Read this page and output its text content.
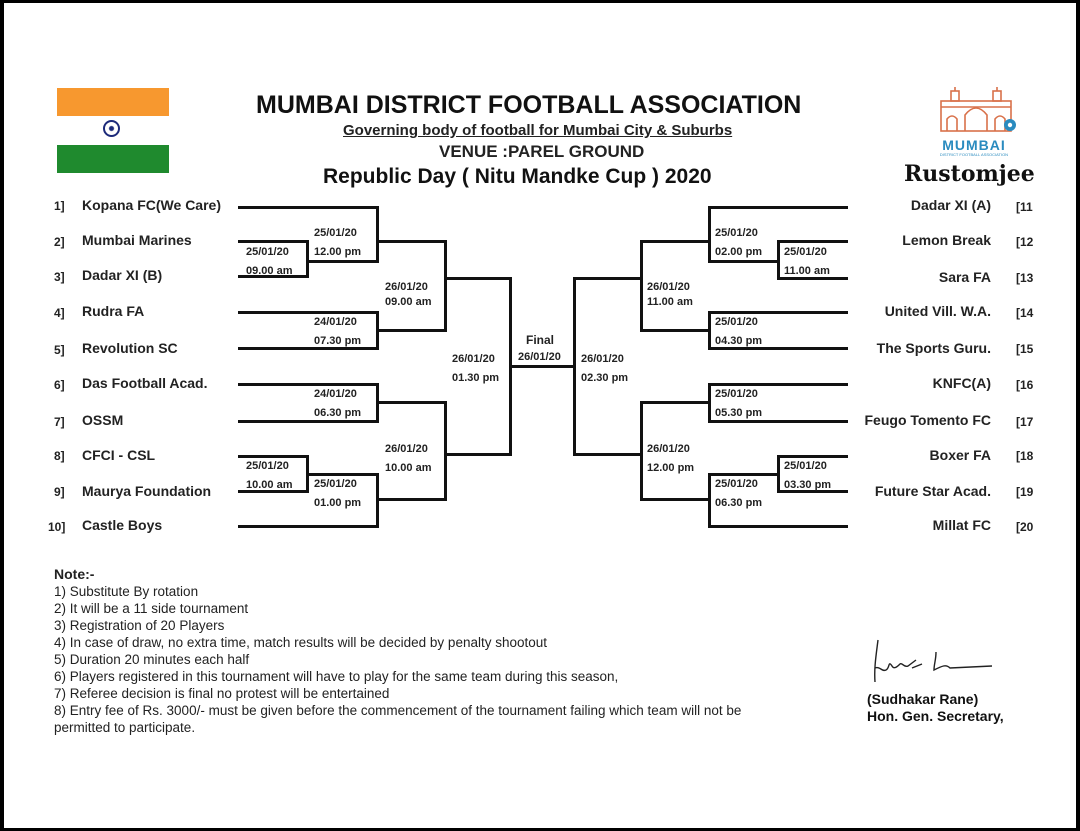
MUMBAI DISTRICT FOOTBALL ASSOCIATION
Governing body of football for Mumbai City & Suburbs
VENUE :PAREL GROUND
Republic Day ( Nitu Mandke Cup ) 2020
MUMBAI
DISTRICT FOOTBALL ASSOCIATION
Rustomjee
1] Kopana FC(We Care)
2] Mumbai Marines
3] Dadar XI (B)
4] Rudra FA
5] Revolution SC
6] Das Football Acad.
7] OSSM
8] CFCI - CSL
9] Maurya Foundation
10] Castle Boys
Dadar XI (A) [11
Lemon Break [12
Sara FA [13
United Vill. W.A. [14
The Sports Guru. [15
KNFC(A) [16
Feugo Tomento FC [17
Boxer FA [18
Future Star Acad. [19
Millat FC [20
25/01/20
09.00 am
25/01/20
12.00 pm
24/01/20
07.30 pm
26/01/20
09.00 am
24/01/20
06.30 pm
25/01/20
10.00 am 25/01/20
01.00 pm
26/01/20
10.00 am
26/01/20
01.30 pm
Final
26/01/20
25/01/20
02.00 pm 25/01/20
11.00 am
25/01/20
04.30 pm
26/01/20
11.00 am
25/01/20
05.30 pm
25/01/20
03.30 pm
25/01/20
06.30 pm
26/01/20
12.00 pm
26/01/20
02.30 pm
Note:-
1) Substitute By rotation
2) It will be a 11 side tournament
3) Registration of 20 Players
4) In case of draw, no extra time, match results will be decided by penalty shootout
5) Duration 20 minutes each half
6) Players registered in this tournament will have to play for the same team during this season,
7) Referee decision is final no protest will be entertained
8) Entry fee of Rs. 3000/- must be given before the commencement of the tournament failing which team will not be
permitted to participate.
(Sudhakar Rane)
Hon. Gen. Secretary,
